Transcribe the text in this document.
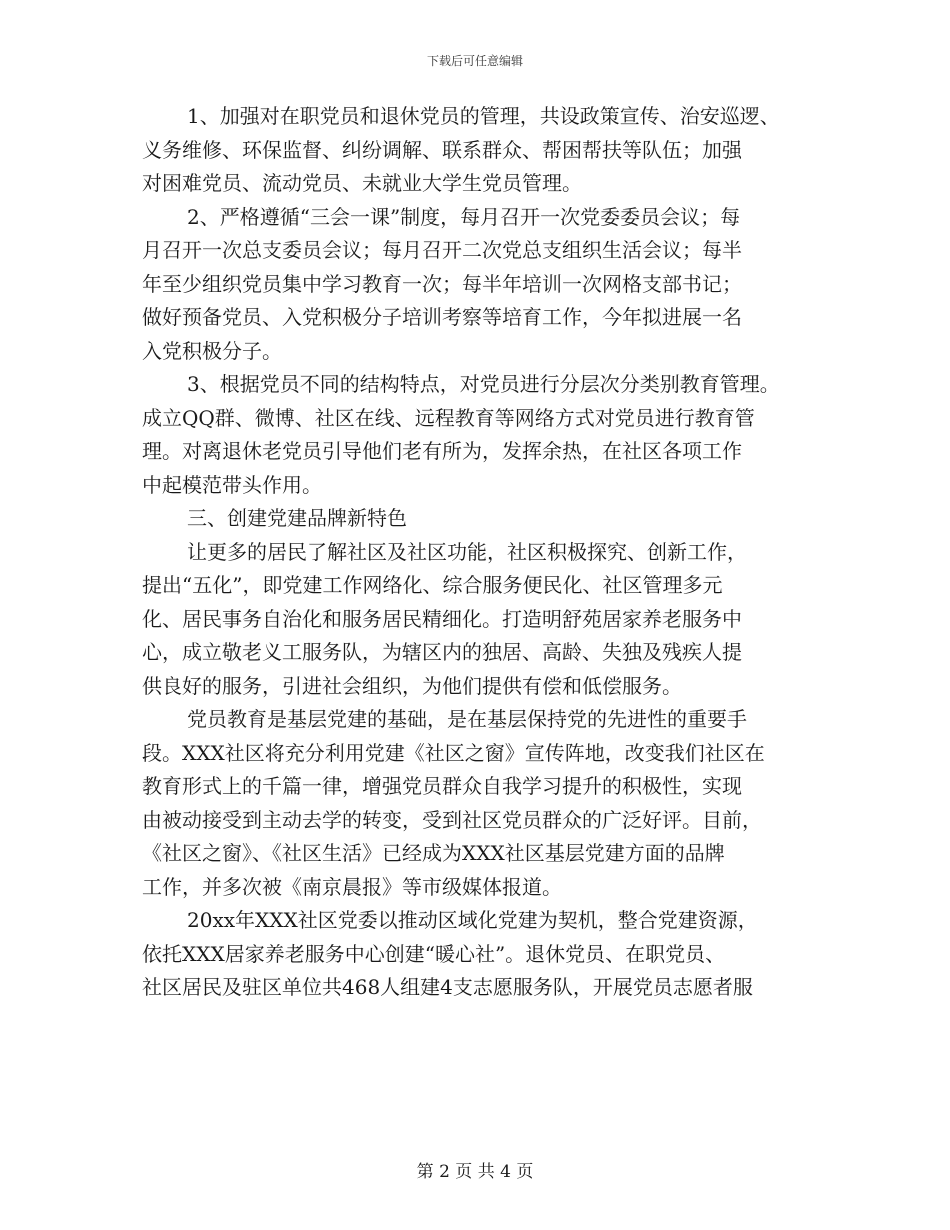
下载后可任意编辑
1、加强对在职党员和退休党员的管理，共设政策宣传、治安巡逻、
义务维修、环保监督、纠纷调解、联系群众、帮困帮扶等队伍；加强
对困难党员、流动党员、未就业大学生党员管理。
2、严格遵循“三会一课”制度，每月召开一次党委委员会议；每
月召开一次总支委员会议；每月召开二次党总支组织生活会议；每半
年至少组织党员集中学习教育一次；每半年培训一次网格支部书记；
做好预备党员、入党积极分子培训考察等培育工作，今年拟进展一名
入党积极分子。
3、根据党员不同的结构特点，对党员进行分层次分类别教育管理。
成立QQ群、微博、社区在线、远程教育等网络方式对党员进行教育管
理。对离退休老党员引导他们老有所为，发挥余热，在社区各项工作
中起模范带头作用。
三、创建党建品牌新特色
让更多的居民了解社区及社区功能，社区积极探究、创新工作，
提出“五化”，即党建工作网络化、综合服务便民化、社区管理多元
化、居民事务自治化和服务居民精细化。打造明舒苑居家养老服务中
心，成立敬老义工服务队，为辖区内的独居、高龄、失独及残疾人提
供良好的服务，引进社会组织，为他们提供有偿和低偿服务。
党员教育是基层党建的基础，是在基层保持党的先进性的重要手
段。XXX社区将充分利用党建《社区之窗》宣传阵地，改变我们社区在
教育形式上的千篇一律，增强党员群众自我学习提升的积极性，实现
由被动接受到主动去学的转变，受到社区党员群众的广泛好评。目前，
《社区之窗》、《社区生活》已经成为XXX社区基层党建方面的品牌
工作，并多次被《南京晨报》等市级媒体报道。
20xx年XXX社区党委以推动区域化党建为契机，整合党建资源，
依托XXX居家养老服务中心创建“暖心社”。退休党员、在职党员、
社区居民及驻区单位共468人组建4支志愿服务队，开展党员志愿者服
第 2 页 共 4 页
